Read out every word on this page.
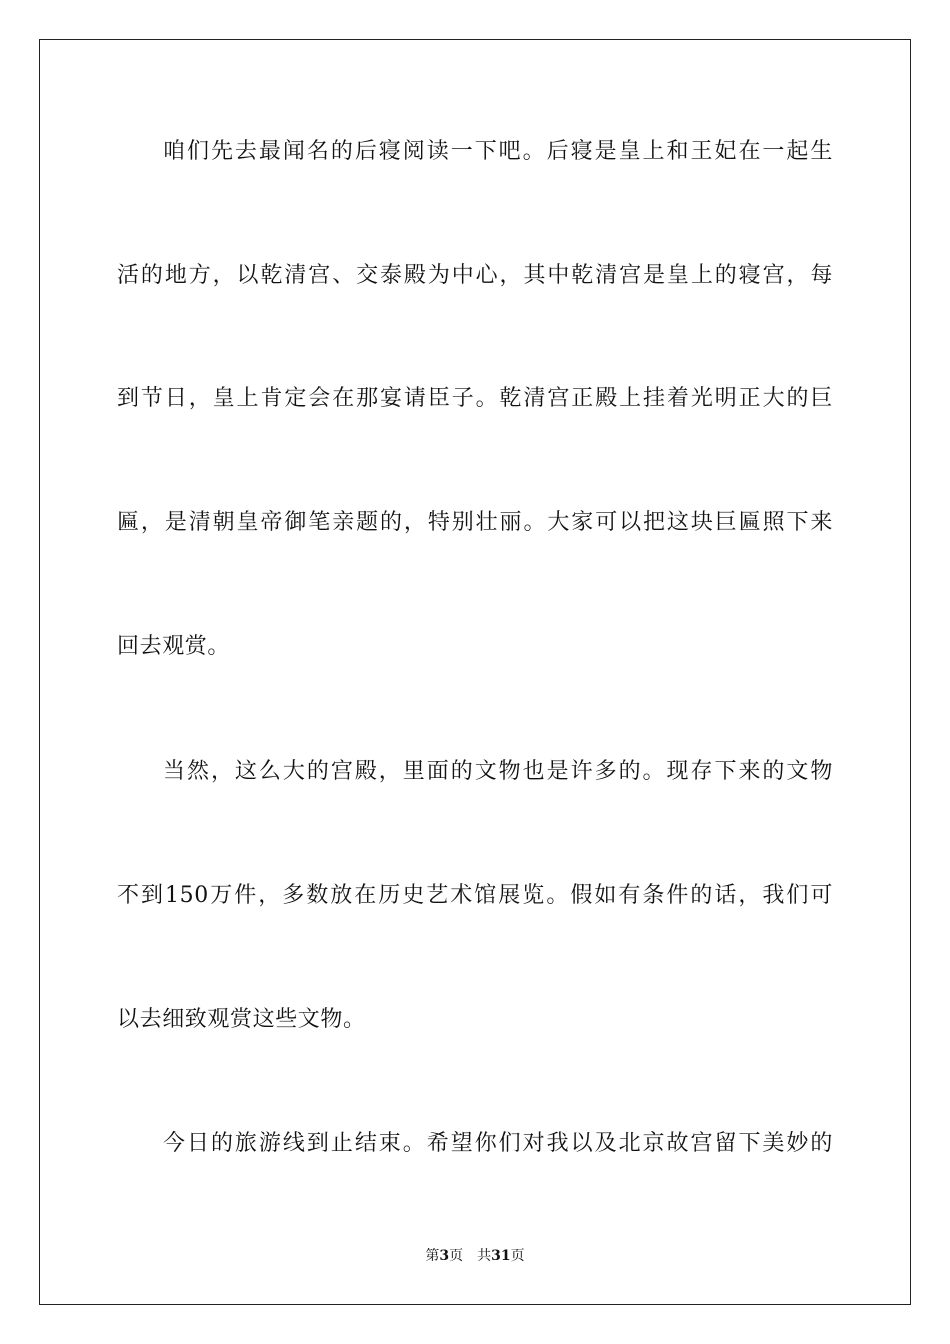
咱们先去最闻名的后寝阅读一下吧。后寝是皇上和王妃在一起生
活的地方，以乾清宫、交泰殿为中心，其中乾清宫是皇上的寝宫，每
到节日，皇上肯定会在那宴请臣子。乾清宫正殿上挂着光明正大的巨
匾，是清朝皇帝御笔亲题的，特别壮丽。大家可以把这块巨匾照下来
回去观赏。
当然，这么大的宫殿，里面的文物也是许多的。现存下来的文物
不到150万件，多数放在历史艺术馆展览。假如有条件的话，我们可
以去细致观赏这些文物。
今日的旅游线到止结束。希望你们对我以及北京故宫留下美妙的
第3页 共31页
